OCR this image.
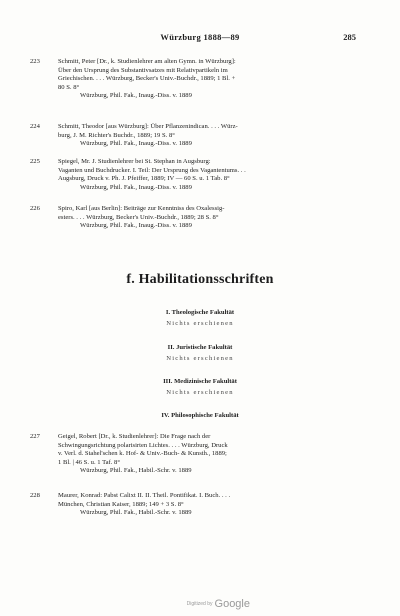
Würzburg 1888—89	285
223	Schmitt, Peter [Dr., k. Studienlehrer am alten Gymn. in Würzburg]:
Über den Ursprung des Substantivsatzes mit Relativpartikeln im
Griechischen. . . . Würzburg, Becker's Univ.-Buchdr., 1889; 1 Bl. +
80 S. 8°
Würzburg, Phil. Fak., Inaug.-Diss. v. 1889
224	Schmitt, Theodor [aus Würzburg]: Über Pflanzenindican. . . . Würz-
burg, J. M. Richter's Buchdr., 1889; 19 S. 8°
Würzburg, Phil. Fak., Inaug.-Diss. v. 1889
225	Spiegel, Mr. J. Studienlehrer bei St. Stephan in Augsburg:
Vaganten und Buchdrucker. I. Teil: Der Ursprung des Vagantentums. . .
Augsburg, Druck v. Ph. J. Pfeiffer, 1889; IV — 60 S. u. 1 Tab. 8°
Würzburg, Phil. Fak., Inaug.-Diss. v. 1889
226	Spiro, Karl [aus Berlin]: Beiträge zur Kenntniss des Oxalessig-
esters. . . . Würzburg, Becker's Univ.-Buchdr., 1889; 28 S. 8°
Würzburg, Phil. Fak., Inaug.-Diss. v. 1889
f. Habilitationsschriften
I. Theologische Fakultät
Nichts erschienen
II. Juristische Fakultät
Nichts erschienen
III. Medizinische Fakultät
Nichts erschienen
IV. Philosophische Fakultät
227	Geigel, Robert [Dr., k. Studienlehrer]: Die Frage nach der
Schwingungsrichtung polarisirten Lichtes. . . . Würzburg, Druck
v. Verl. d. Stahel'schen k. Hof- & Univ.-Buch- & Kunsth., 1889;
1 Bl. | 46 S. u. 1 Taf. 8°
Würzburg, Phil. Fak., Habil.-Schr. v. 1889
228	Maurer, Konrad: Pabst Calixt II. II. Theil. Pontifikat. I. Buch. . . .
München, Christian Kaiser, 1889; 149 + 3 S. 8°
Würzburg, Phil. Fak., Habil.-Schr. v. 1889
Digitized by Google
